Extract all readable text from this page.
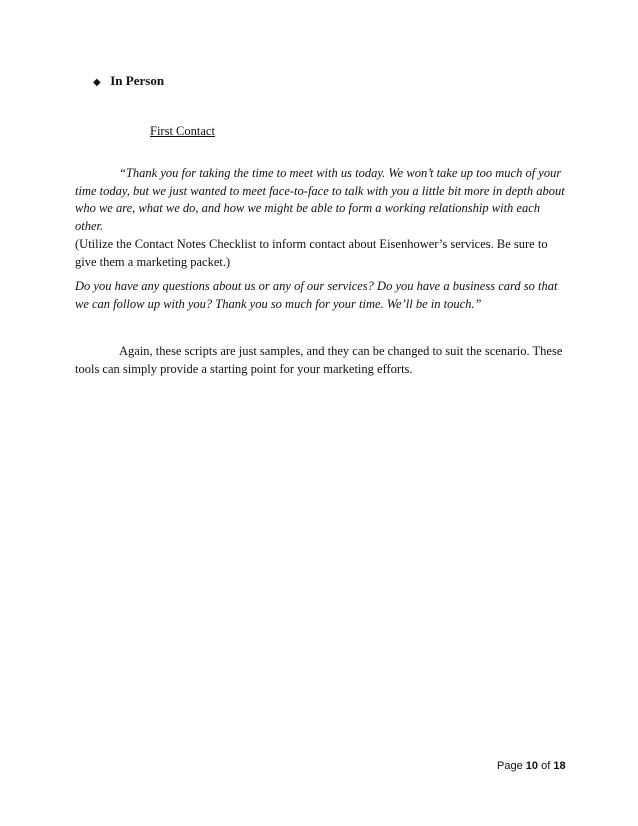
◆ In Person
First Contact

“Thank you for taking the time to meet with us today. We won’t take up too much of your time today, but we just wanted to meet face-to-face to talk with you a little bit more in depth about who we are, what we do, and how we might be able to form a working relationship with each other.

(Utilize the Contact Notes Checklist to inform contact about Eisenhower’s services. Be sure to give them a marketing packet.)

Do you have any questions about us or any of our services? Do you have a business card so that we can follow up with you? Thank you so much for your time. We’ll be in touch.”

Again, these scripts are just samples, and they can be changed to suit the scenario. These tools can simply provide a starting point for your marketing efforts.

Page 10 of 18
